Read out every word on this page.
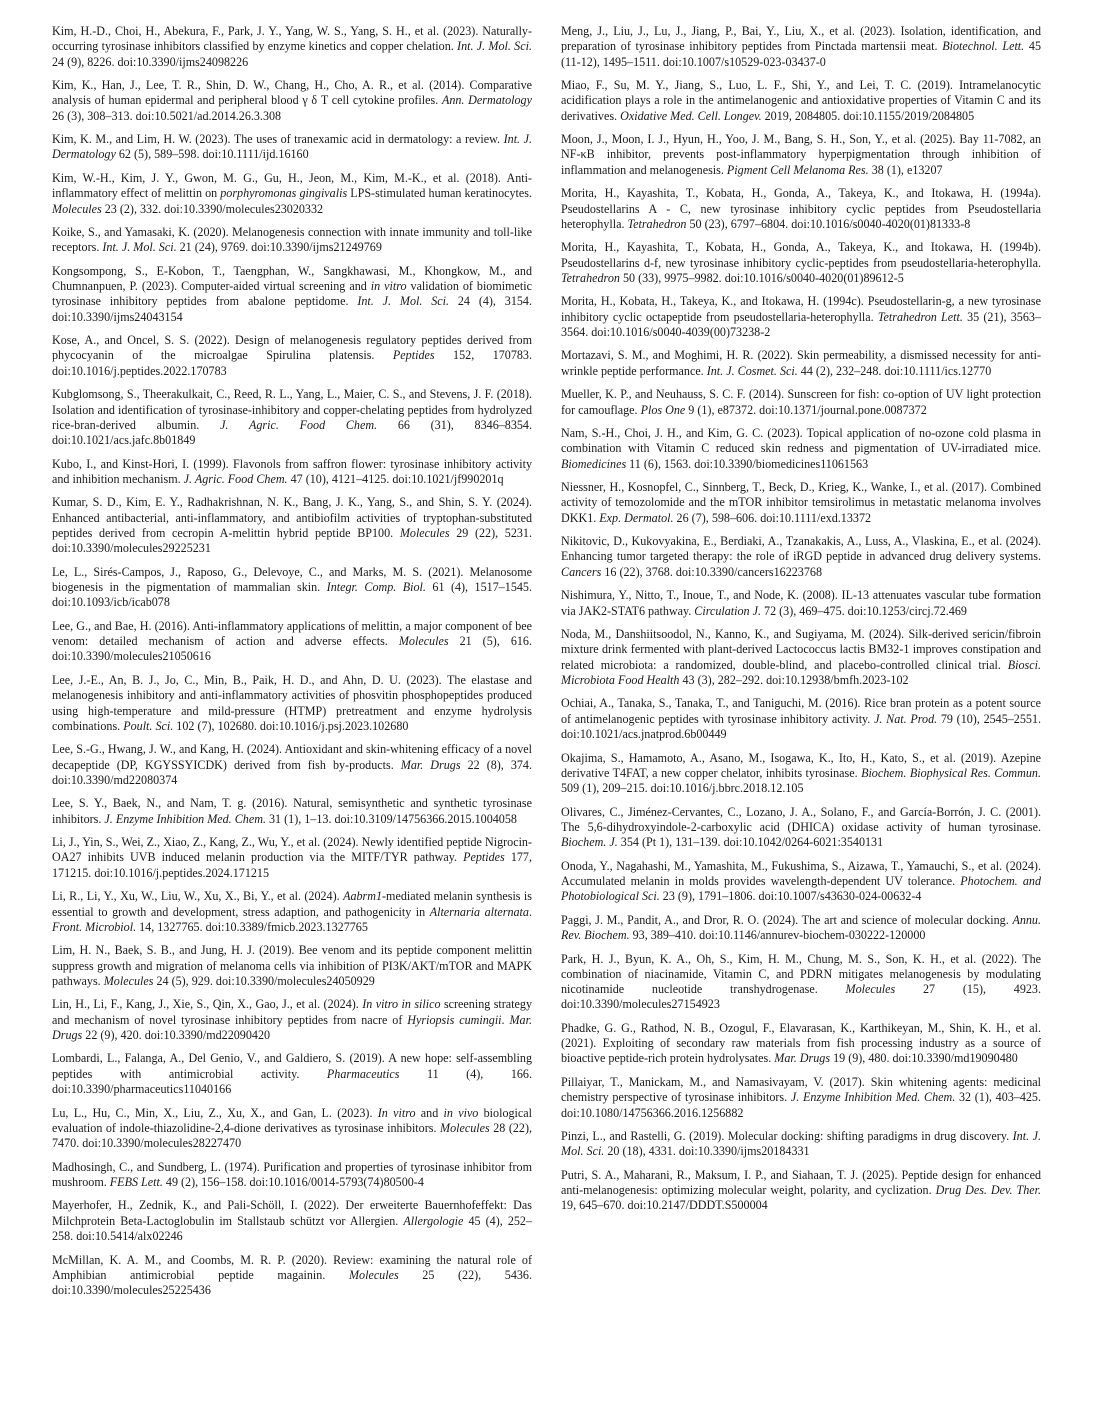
Kim, H.-D., Choi, H., Abekura, F., Park, J. Y., Yang, W. S., Yang, S. H., et al. (2023). Naturally-occurring tyrosinase inhibitors classified by enzyme kinetics and copper chelation. Int. J. Mol. Sci. 24 (9), 8226. doi:10.3390/ijms24098226

Kim, K., Han, J., Lee, T. R., Shin, D. W., Chang, H., Cho, A. R., et al. (2014). Comparative analysis of human epidermal and peripheral blood γ δ T cell cytokine profiles. Ann. Dermatology 26 (3), 308–313. doi:10.5021/ad.2014.26.3.308

Kim, K. M., and Lim, H. W. (2023). The uses of tranexamic acid in dermatology: a review. Int. J. Dermatology 62 (5), 589–598. doi:10.1111/ijd.16160

Kim, W.-H., Kim, J. Y., Gwon, M. G., Gu, H., Jeon, M., Kim, M.-K., et al. (2018). Anti-inflammatory effect of melittin on porphyromonas gingivalis LPS-stimulated human keratinocytes. Molecules 23 (2), 332. doi:10.3390/molecules23020332

Koike, S., and Yamasaki, K. (2020). Melanogenesis connection with innate immunity and toll-like receptors. Int. J. Mol. Sci. 21 (24), 9769. doi:10.3390/ijms21249769

Kongsompong, S., E-Kobon, T., Taengphan, W., Sangkhawasi, M., Khongkow, M., and Chumnanpuen, P. (2023). Computer-aided virtual screening and in vitro validation of biomimetic tyrosinase inhibitory peptides from abalone peptidome. Int. J. Mol. Sci. 24 (4), 3154. doi:10.3390/ijms24043154

Kose, A., and Oncel, S. S. (2022). Design of melanogenesis regulatory peptides derived from phycocyanin of the microalgae Spirulina platensis. Peptides 152, 170783. doi:10.1016/j.peptides.2022.170783

Kubglomsong, S., Theerakulkait, C., Reed, R. L., Yang, L., Maier, C. S., and Stevens, J. F. (2018). Isolation and identification of tyrosinase-inhibitory and copper-chelating peptides from hydrolyzed rice-bran-derived albumin. J. Agric. Food Chem. 66 (31), 8346–8354. doi:10.1021/acs.jafc.8b01849

Kubo, I., and Kinst-Hori, I. (1999). Flavonols from saffron flower: tyrosinase inhibitory activity and inhibition mechanism. J. Agric. Food Chem. 47 (10), 4121–4125. doi:10.1021/jf990201q

Kumar, S. D., Kim, E. Y., Radhakrishnan, N. K., Bang, J. K., Yang, S., and Shin, S. Y. (2024). Enhanced antibacterial, anti-inflammatory, and antibiofilm activities of tryptophan-substituted peptides derived from cecropin A-melittin hybrid peptide BP100. Molecules 29 (22), 5231. doi:10.3390/molecules29225231

Le, L., Sirés-Campos, J., Raposo, G., Delevoye, C., and Marks, M. S. (2021). Melanosome biogenesis in the pigmentation of mammalian skin. Integr. Comp. Biol. 61 (4), 1517–1545. doi:10.1093/icb/icab078

Lee, G., and Bae, H. (2016). Anti-inflammatory applications of melittin, a major component of bee venom: detailed mechanism of action and adverse effects. Molecules 21 (5), 616. doi:10.3390/molecules21050616

Lee, J.-E., An, B. J., Jo, C., Min, B., Paik, H. D., and Ahn, D. U. (2023). The elastase and melanogenesis inhibitory and anti-inflammatory activities of phosvitin phosphopeptides produced using high-temperature and mild-pressure (HTMP) pretreatment and enzyme hydrolysis combinations. Poult. Sci. 102 (7), 102680. doi:10.1016/j.psj.2023.102680

Lee, S.-G., Hwang, J. W., and Kang, H. (2024). Antioxidant and skin-whitening efficacy of a novel decapeptide (DP, KGYSSYICDK) derived from fish by-products. Mar. Drugs 22 (8), 374. doi:10.3390/md22080374

Lee, S. Y., Baek, N., and Nam, T. g. (2016). Natural, semisynthetic and synthetic tyrosinase inhibitors. J. Enzyme Inhibition Med. Chem. 31 (1), 1–13. doi:10.3109/14756366.2015.1004058

Li, J., Yin, S., Wei, Z., Xiao, Z., Kang, Z., Wu, Y., et al. (2024). Newly identified peptide Nigrocin-OA27 inhibits UVB induced melanin production via the MITF/TYR pathway. Peptides 177, 171215. doi:10.1016/j.peptides.2024.171215

Li, R., Li, Y., Xu, W., Liu, W., Xu, X., Bi, Y., et al. (2024). Aabrm1-mediated melanin synthesis is essential to growth and development, stress adaption, and pathogenicity in Alternaria alternata. Front. Microbiol. 14, 1327765. doi:10.3389/fmicb.2023.1327765

Lim, H. N., Baek, S. B., and Jung, H. J. (2019). Bee venom and its peptide component melittin suppress growth and migration of melanoma cells via inhibition of PI3K/AKT/mTOR and MAPK pathways. Molecules 24 (5), 929. doi:10.3390/molecules24050929

Lin, H., Li, F., Kang, J., Xie, S., Qin, X., Gao, J., et al. (2024). In vitro in silico screening strategy and mechanism of novel tyrosinase inhibitory peptides from nacre of Hyriopsis cumingii. Mar. Drugs 22 (9), 420. doi:10.3390/md22090420

Lombardi, L., Falanga, A., Del Genio, V., and Galdiero, S. (2019). A new hope: self-assembling peptides with antimicrobial activity. Pharmaceutics 11 (4), 166. doi:10.3390/pharmaceutics11040166

Lu, L., Hu, C., Min, X., Liu, Z., Xu, X., and Gan, L. (2023). In vitro and in vivo biological evaluation of indole-thiazolidine-2,4-dione derivatives as tyrosinase inhibitors. Molecules 28 (22), 7470. doi:10.3390/molecules28227470

Madhosingh, C., and Sundberg, L. (1974). Purification and properties of tyrosinase inhibitor from mushroom. FEBS Lett. 49 (2), 156–158. doi:10.1016/0014-5793(74)80500-4

Mayerhofer, H., Zednik, K., and Pali-Schöll, I. (2022). Der erweiterte Bauernhofeffekt: Das Milchprotein Beta-Lactoglobulin im Stallstaub schützt vor Allergien. Allergologie 45 (4), 252–258. doi:10.5414/alx02246

McMillan, K. A. M., and Coombs, M. R. P. (2020). Review: examining the natural role of Amphibian antimicrobial peptide magainin. Molecules 25 (22), 5436. doi:10.3390/molecules25225436

Meng, J., Liu, J., Lu, J., Jiang, P., Bai, Y., Liu, X., et al. (2023). Isolation, identification, and preparation of tyrosinase inhibitory peptides from Pinctada martensii meat. Biotechnol. Lett. 45 (11-12), 1495–1511. doi:10.1007/s10529-023-03437-0

Miao, F., Su, M. Y., Jiang, S., Luo, L. F., Shi, Y., and Lei, T. C. (2019). Intramelanocytic acidification plays a role in the antimelanogenic and antioxidative properties of Vitamin C and its derivatives. Oxidative Med. Cell. Longev. 2019, 2084805. doi:10.1155/2019/2084805

Moon, J., Moon, I. J., Hyun, H., Yoo, J. M., Bang, S. H., Son, Y., et al. (2025). Bay 11-7082, an NF-κB inhibitor, prevents post-inflammatory hyperpigmentation through inhibition of inflammation and melanogenesis. Pigment Cell Melanoma Res. 38 (1), e13207

Morita, H., Kayashita, T., Kobata, H., Gonda, A., Takeya, K., and Itokawa, H. (1994a). Pseudostellarins A - C, new tyrosinase inhibitory cyclic peptides from Pseudostellaria heterophylla. Tetrahedron 50 (23), 6797–6804. doi:10.1016/s0040-4020(01)81333-8

Morita, H., Kayashita, T., Kobata, H., Gonda, A., Takeya, K., and Itokawa, H. (1994b). Pseudostellarins d-f, new tyrosinase inhibitory cyclic-peptides from pseudostellaria-heterophylla. Tetrahedron 50 (33), 9975–9982. doi:10.1016/s0040-4020(01)89612-5

Morita, H., Kobata, H., Takeya, K., and Itokawa, H. (1994c). Pseudostellarin-g, a new tyrosinase inhibitory cyclic octapeptide from pseudostellaria-heterophylla. Tetrahedron Lett. 35 (21), 3563–3564. doi:10.1016/s0040-4039(00)73238-2

Mortazavi, S. M., and Moghimi, H. R. (2022). Skin permeability, a dismissed necessity for anti-wrinkle peptide performance. Int. J. Cosmet. Sci. 44 (2), 232–248. doi:10.1111/ics.12770

Mueller, K. P., and Neuhauss, S. C. F. (2014). Sunscreen for fish: co-option of UV light protection for camouflage. Plos One 9 (1), e87372. doi:10.1371/journal.pone.0087372

Nam, S.-H., Choi, J. H., and Kim, G. C. (2023). Topical application of no-ozone cold plasma in combination with Vitamin C reduced skin redness and pigmentation of UV-irradiated mice. Biomedicines 11 (6), 1563. doi:10.3390/biomedicines11061563

Niessner, H., Kosnopfel, C., Sinnberg, T., Beck, D., Krieg, K., Wanke, I., et al. (2017). Combined activity of temozolomide and the mTOR inhibitor temsirolimus in metastatic melanoma involves DKK1. Exp. Dermatol. 26 (7), 598–606. doi:10.1111/exd.13372

Nikitovic, D., Kukovyakina, E., Berdiaki, A., Tzanakakis, A., Luss, A., Vlaskina, E., et al. (2024). Enhancing tumor targeted therapy: the role of iRGD peptide in advanced drug delivery systems. Cancers 16 (22), 3768. doi:10.3390/cancers16223768

Nishimura, Y., Nitto, T., Inoue, T., and Node, K. (2008). IL-13 attenuates vascular tube formation via JAK2-STAT6 pathway. Circulation J. 72 (3), 469–475. doi:10.1253/circj.72.469

Noda, M., Danshiitsoodol, N., Kanno, K., and Sugiyama, M. (2024). Silk-derived sericin/fibroin mixture drink fermented with plant-derived Lactococcus lactis BM32-1 improves constipation and related microbiota: a randomized, double-blind, and placebo-controlled clinical trial. Biosci. Microbiota Food Health 43 (3), 282–292. doi:10.12938/bmfh.2023-102

Ochiai, A., Tanaka, S., Tanaka, T., and Taniguchi, M. (2016). Rice bran protein as a potent source of antimelanogenic peptides with tyrosinase inhibitory activity. J. Nat. Prod. 79 (10), 2545–2551. doi:10.1021/acs.jnatprod.6b00449

Okajima, S., Hamamoto, A., Asano, M., Isogawa, K., Ito, H., Kato, S., et al. (2019). Azepine derivative T4FAT, a new copper chelator, inhibits tyrosinase. Biochem. Biophysical Res. Commun. 509 (1), 209–215. doi:10.1016/j.bbrc.2018.12.105

Olivares, C., Jiménez-Cervantes, C., Lozano, J. A., Solano, F., and García-Borrón, J. C. (2001). The 5,6-dihydroxyindole-2-carboxylic acid (DHICA) oxidase activity of human tyrosinase. Biochem. J. 354 (Pt 1), 131–139. doi:10.1042/0264-6021:3540131

Onoda, Y., Nagahashi, M., Yamashita, M., Fukushima, S., Aizawa, T., Yamauchi, S., et al. (2024). Accumulated melanin in molds provides wavelength-dependent UV tolerance. Photochem. and Photobiological Sci. 23 (9), 1791–1806. doi:10.1007/s43630-024-00632-4

Paggi, J. M., Pandit, A., and Dror, R. O. (2024). The art and science of molecular docking. Annu. Rev. Biochem. 93, 389–410. doi:10.1146/annurev-biochem-030222-120000

Park, H. J., Byun, K. A., Oh, S., Kim, H. M., Chung, M. S., Son, K. H., et al. (2022). The combination of niacinamide, Vitamin C, and PDRN mitigates melanogenesis by modulating nicotinamide nucleotide transhydrogenase. Molecules 27 (15), 4923. doi:10.3390/molecules27154923

Phadke, G. G., Rathod, N. B., Ozogul, F., Elavarasan, K., Karthikeyan, M., Shin, K. H., et al. (2021). Exploiting of secondary raw materials from fish processing industry as a source of bioactive peptide-rich protein hydrolysates. Mar. Drugs 19 (9), 480. doi:10.3390/md19090480

Pillaiyar, T., Manickam, M., and Namasivayam, V. (2017). Skin whitening agents: medicinal chemistry perspective of tyrosinase inhibitors. J. Enzyme Inhibition Med. Chem. 32 (1), 403–425. doi:10.1080/14756366.2016.1256882

Pinzi, L., and Rastelli, G. (2019). Molecular docking: shifting paradigms in drug discovery. Int. J. Mol. Sci. 20 (18), 4331. doi:10.3390/ijms20184331

Putri, S. A., Maharani, R., Maksum, I. P., and Siahaan, T. J. (2025). Peptide design for enhanced anti-melanogenesis: optimizing molecular weight, polarity, and cyclization. Drug Des. Dev. Ther. 19, 645–670. doi:10.2147/DDDT.S500004
